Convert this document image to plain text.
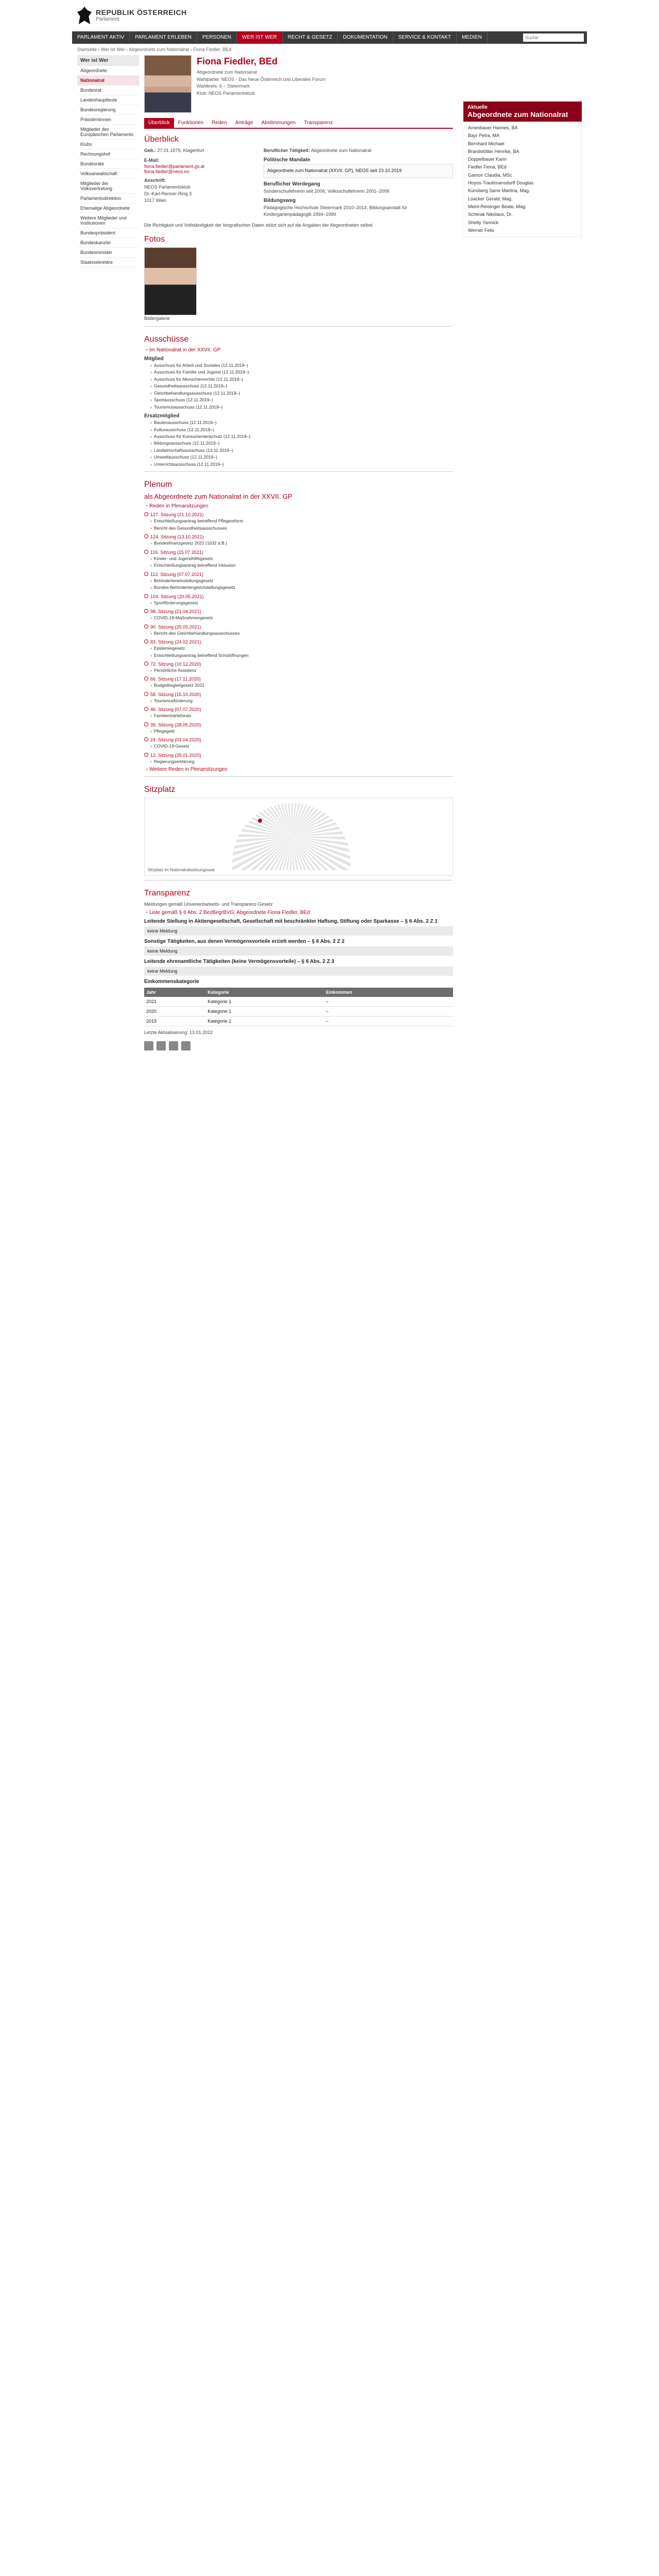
REPUBLIK ÖSTERREICH
Parlament
PARLAMENT AKTIV	PARLAMENT ERLEBEN	PERSONEN	WER IST WER	RECHT & GESETZ	DOKUMENTATION	SERVICE & KONTAKT	MEDIEN
Suche
Startseite › Wer ist Wer › Abgeordnete zum Nationalrat › Fiona Fiedler, BEd
Wer ist Wer
Abgeordnete
Nationalrat
Bundesrat
Landeshauptleute
Bundesregierung
Präsidentinnen
Mitglieder des Europäischen Parlaments
Klubs
Rechnungshof
Bundesräte
Volksanwaltschaft
Mitglieder der Volksvertretung
Parlamentsdirektion
Ehemalige Abgeordnete
Weitere Mitglieder und Institutionen
Bundespräsident
Bundeskanzler
Bundesminister
Staatssekretäre
Fiona Fiedler, BEd
Abgeordnete zum Nationalrat
Wahlpartei: NEOS - Das Neue Österreich und Liberales Forum
Wahlkreis: 6 – Steiermark
Klub: NEOS Parlamentsklub
Überblick	Funktionen	Reden	Anträge	Abstimmungen	Transparenz
Überblick
Geb.: 27.01.1979, Klagenfurt
E-Mail:
fiona.fiedler@parlament.gv.at
fiona.fiedler@neos.eu
Anschrift:
NEOS Parlamentsklub
Dr.-Karl-Renner-Ring 3
1017 Wien
Beruflicher Tätigkeit: Abgeordnete zum Nationalrat
Politische Mandate
Abgeordnete zum Nationalrat (XXVII. GP), NEOS seit 23.10.2019
Beruflicher Werdegang
Sonderschullehrerin seit 2006; Volksschullehrerin 2001–2006
Bildungsweg
Pädagogische Hochschule Steiermark 2010–2014; Bildungsanstalt für Kindergartenpädagogik 1994–1999
Die Richtigkeit und Vollständigkeit der biografischen Daten stützt sich auf die Angaben der Abgeordneten selbst.
Fotos
Bildergalerie
Ausschüsse
− Im Nationalrat in der XXVII. GP
Mitglied
› Ausschuss für Arbeit und Soziales (12.11.2019–)
› Ausschuss für Familie und Jugend (12.11.2019–)
› Ausschuss für Menschenrechte (12.11.2019–)
› Gesundheitsausschuss (12.11.2019–)
› Gleichbehandlungsausschuss (12.11.2019–)
› Sportausschuss (12.11.2019–)
› Tourismusausschuss (12.11.2019–)
Ersatzmitglied
› Bautenausschuss (12.11.2019–)
› Kulturausschuss (12.11.2019–)
› Ausschuss für Konsumentenschutz (12.11.2019–)
› Bildungsausschuss (12.11.2019–)
› Landwirtschaftsausschuss (12.11.2019–)
› Umweltausschuss (12.11.2019–)
› Unterrichtsausschuss (12.11.2019–)
Plenum
als Abgeordnete zum Nationalrat in der XXVII. GP
− Reden in Plenarsitzungen
127. Sitzung (21.10.2021)
› Entschließungsantrag betreffend Pflegereform
› Bericht des Gesundheitsausschusses
124. Sitzung (13.10.2021)
› Bundesfinanzgesetz 2022 (1032 d.B.)
116. Sitzung (15.07.2021)
› Kinder- und Jugendhilfegesetz
› Entschließungsantrag betreffend Inklusion
112. Sitzung (07.07.2021)
› Behinderteneinstellungsgesetz
› Bundes-Behindertengleichstellungsgesetz
104. Sitzung (20.05.2021)
› Sportförderungsgesetz
98. Sitzung (21.04.2021)
› COVID-19-Maßnahmengesetz
90. Sitzung (25.03.2021)
› Bericht des Gleichbehandlungsausschusses
83. Sitzung (24.02.2021)
› Epidemiegesetz
› Entschließungsantrag betreffend Schulöffnungen
72. Sitzung (10.12.2020)
› Persönliche Assistenz
66. Sitzung (17.11.2020)
› Budgetbegleitgesetz 2021
58. Sitzung (15.10.2020)
› Tourismusförderung
46. Sitzung (07.07.2020)
› Familienhärtefonds
39. Sitzung (28.05.2020)
› Pflegegeld
24. Sitzung (03.04.2020)
› COVID-19-Gesetz
12. Sitzung (29.01.2020)
› Regierungserklärung
› Weitere Reden in Plenarsitzungen
Sitzplatz
Sitzplatz im Nationalratssitzungssaal
Transparenz
Meldungen gemäß Unvereinbarkeits- und Transparenz-Gesetz
− Liste gemäß § 6 Abs. 2 BezBegrBVG: Abgeordnete Fiona Fiedler, BEd
Leitende Stellung in Aktiengesellschaft, Gesellschaft mit beschränkter Haftung, Stiftung oder Sparkasse – § 6 Abs. 2 Z 1
keine Meldung
Sonstige Tätigkeiten, aus denen Vermögensvorteile erzielt werden – § 6 Abs. 2 Z 2
keine Meldung
Leitende ehrenamtliche Tätigkeiten (keine Vermögensvorteile) – § 6 Abs. 2 Z 3
keine Meldung
Einkommenskategorie
Jahr	Kategorie	Einkommen
2021	Kategorie 1	–
2020	Kategorie 1	–
2019	Kategorie 1	–
Letzte Aktualisierung: 13.01.2022
Aktuelle
Abgeordnete zum Nationalrat
Amesbauer Hannes, BA
Bayr Petra, MA
Bernhard Michael
Brandstötter Henrike, BA
Doppelbauer Karin
Fiedler Fiona, BEd
Gamon Claudia, MSc
Hoyos-Trauttmansdorff Douglas
Künsberg Sarre Martina, Mag.
Loacker Gerald, Mag.
Meinl-Reisinger Beate, Mag.
Scherak Nikolaus, Dr.
Shetty Yannick
Werner Felix
